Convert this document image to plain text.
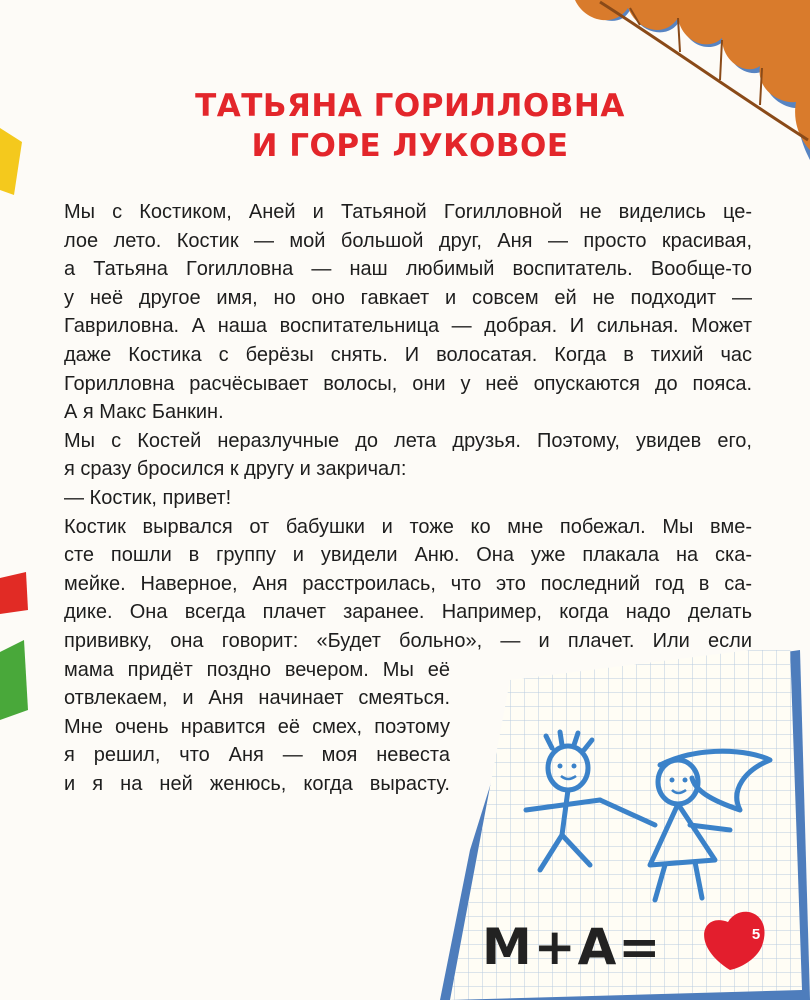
ТАТЬЯНА ГОРИЛЛОВНА
И ГОРЕ ЛУКОВОЕ

Мы с Костиком, Аней и Татьяной Гorилловной не виделись це-
лое лето. Костик — мой большой друг, Аня — просто красивая,
а Татьяна Гorилловна — наш любимый воспитатель. Вообще-то
у неё другое имя, но оно гавкает и совсем ей не подходит —
Гавриловна. А наша воспитательница — добрая. И сильная. Может
даже Костика с берёзы снять. И волосатая. Когда в тихий час
Горилловна расчёсывает волосы, они у неё опускаются до пояса.

А я Макс Банкин.

Мы с Костей неразлучные до лета друзья. Поэтому, увидев его,
я сразу бросился к другу и закричал:

— Костик, привет!

Костик вырвался от бабушки и тоже ко мне побежал. Мы вме-
сте пошли в группу и увидели Аню. Она уже плакала на ска-
мейке. Наверное, Аня расстроилась, что это последний год в са-
дике. Она всегда плачет заранее. Например, когда надо делать
прививку, она говорит: «Будет больно», — и плачет. Или если
мама придёт поздно вечером. Мы её
отвлекаем, и Аня начинает смеяться.
Мне очень нравится её смех, поэтому
я решил, что Аня — моя невеста
и я на ней женюсь, когда вырасту.

М+А=	5
